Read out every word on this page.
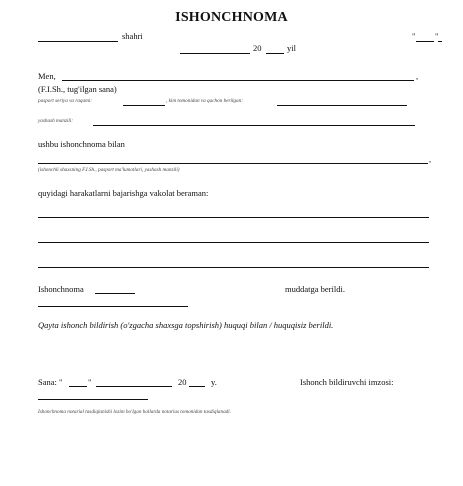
ISHONCHNOMA
shahri	" "
20	yil
Men,	,
(F.I.Sh., tug'ilgan sana)
pasport seriya va raqami:	, kim tomonidan va qachon berilgan:
yashash manzili:
ushbu ishonchnoma bilan
,
(ishonchli shaxsning F.I.Sh., pasport ma'lumotlari, yashash manzili)
quyidagi harakatlarni bajarishga vakolat beraman:
Ishonchnoma	muddatga berildi.
Qayta ishonch bildirish (o'zgacha shaxsga topshirish) huquqi bilan / huquqisiz berildi.
Sana: "	"	20	y.	Ishonch bildiruvchi imzosi:
Ishonchnoma notarial tasdiqlanishi lozim bo'lgan hollarda notarius tomonidan tasdiqlanadi.
